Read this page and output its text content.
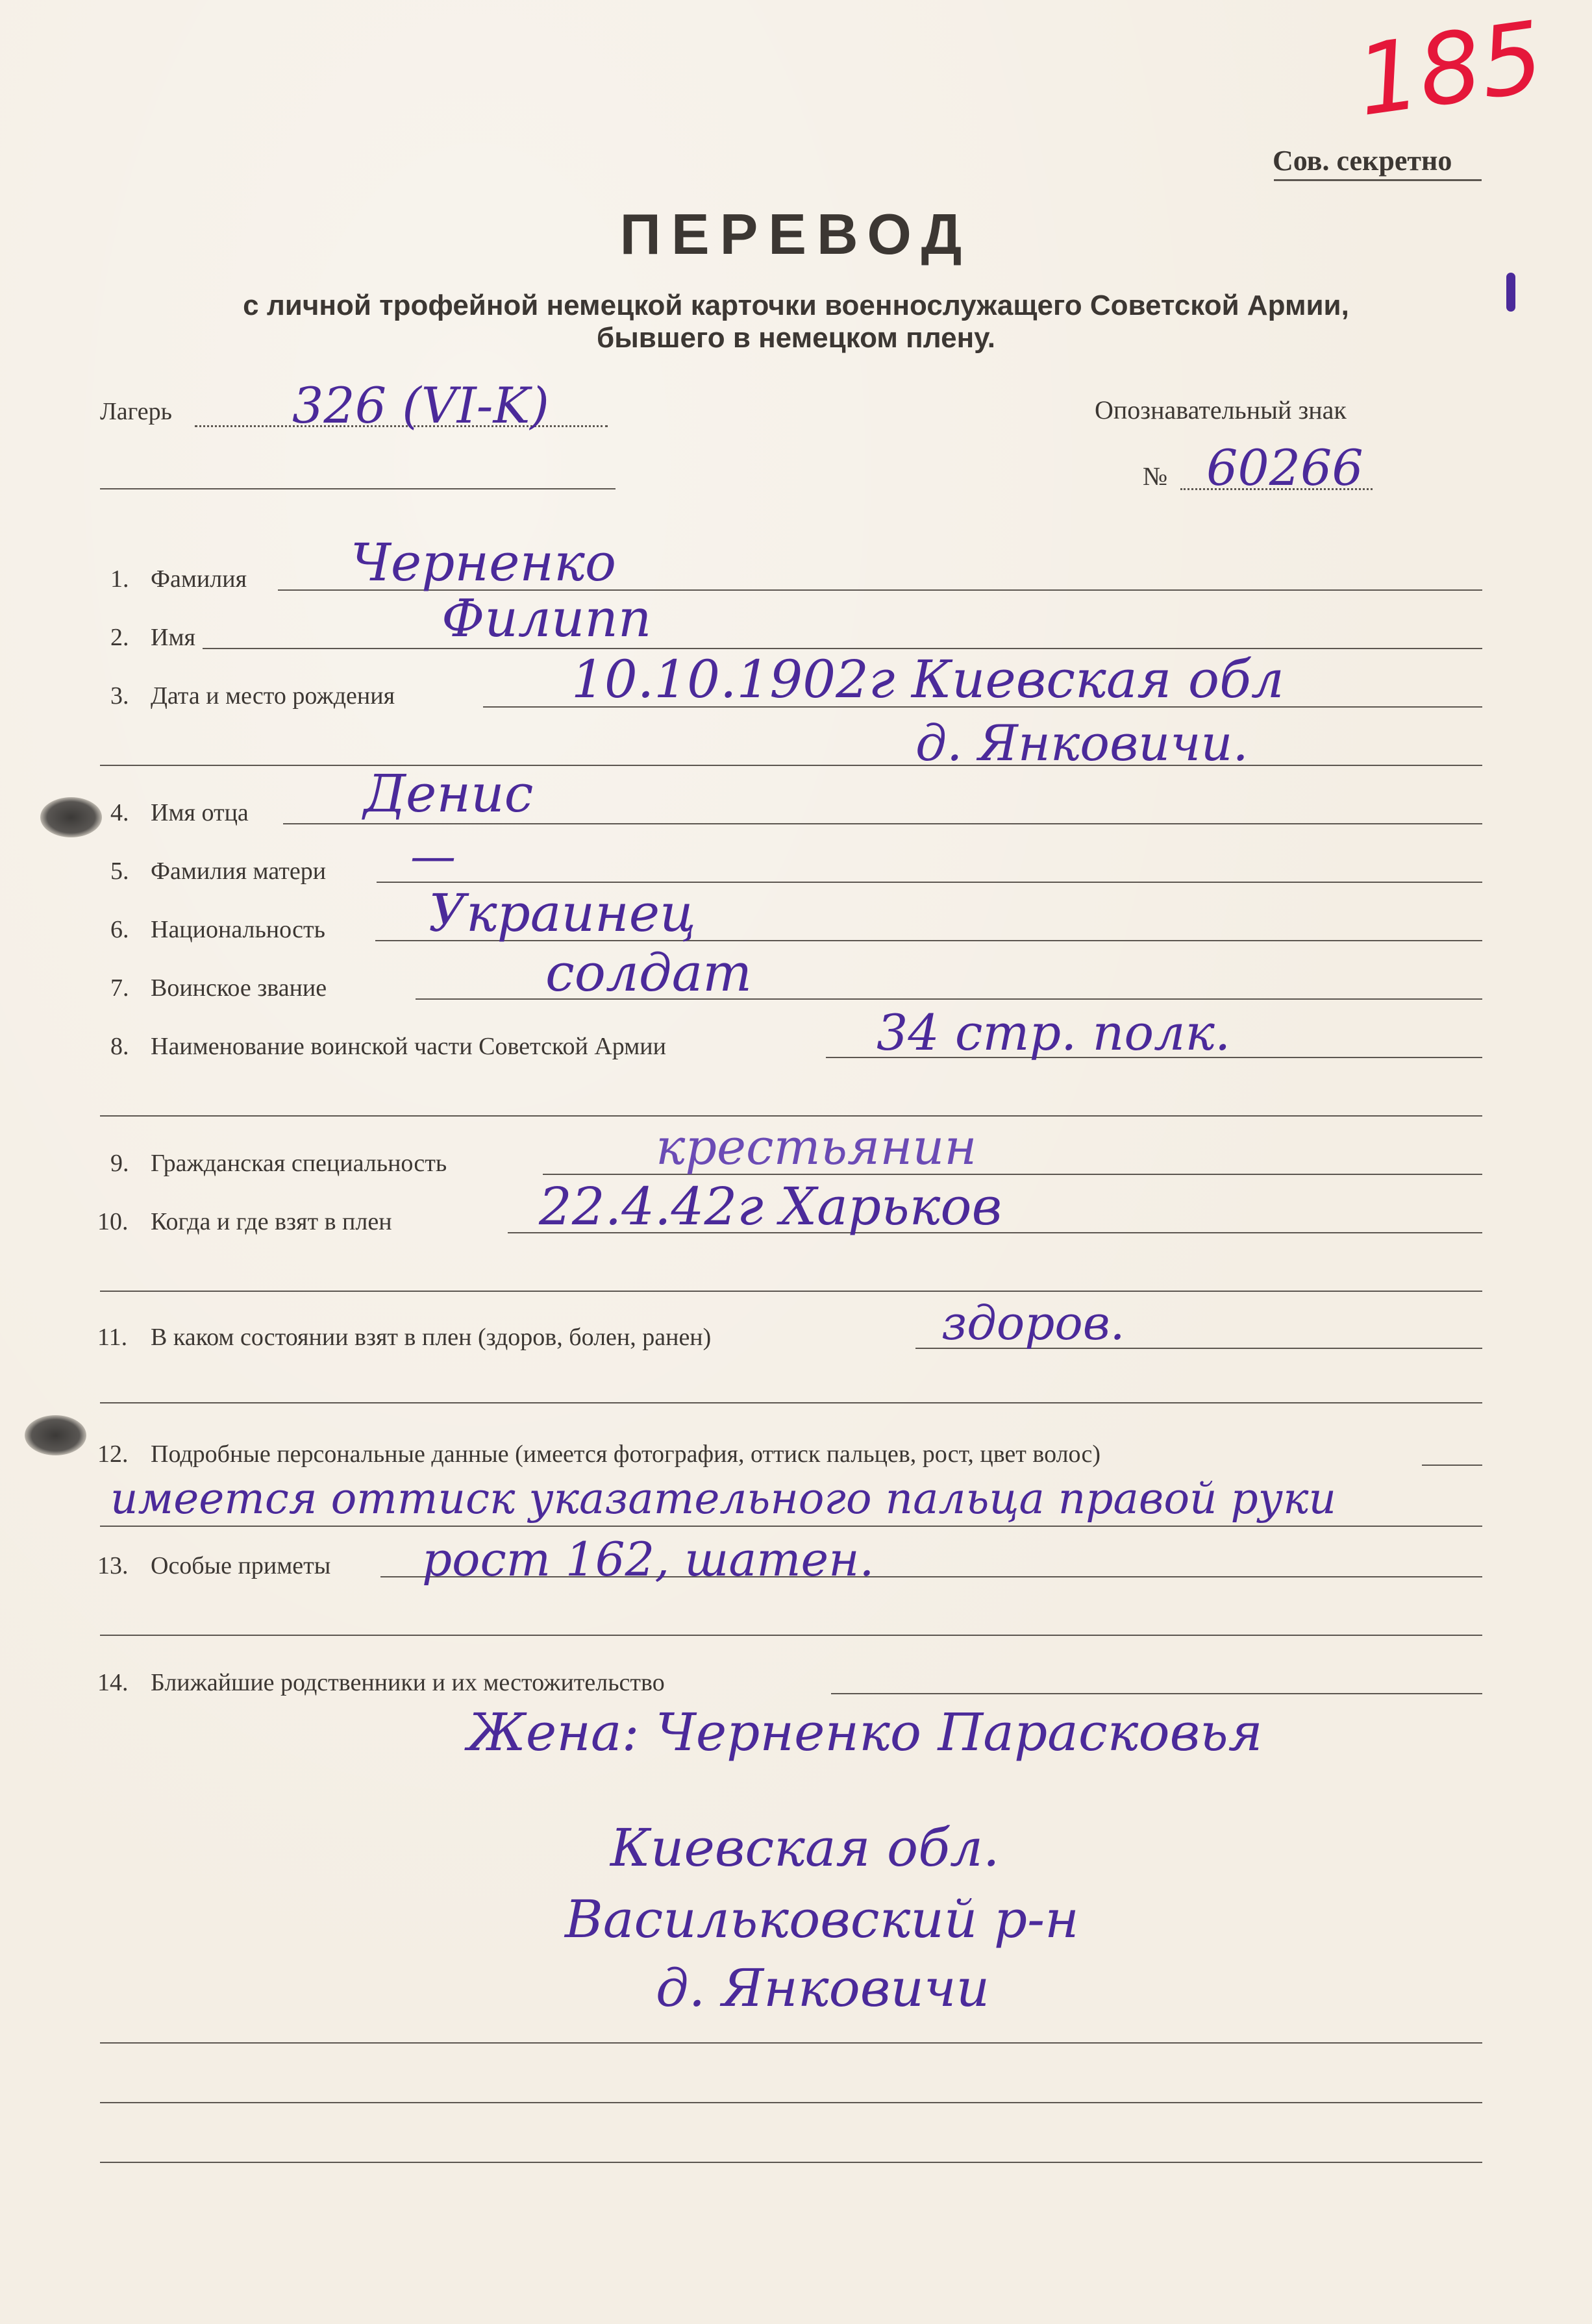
185
Сов. секретно
ПЕРЕВОД
с личной трофейной немецкой карточки военнослужащего Советской Армии,
бывшего в немецком плену.
Лагерь 326 (VI-K)	Опознавательный знак
№ 60266
1. Фамилия Черненко
2. Имя	Филипп
3. Дата и место рождения	10.10.1902г Киевская обл
д. Янковичи.
4. Имя отца Денис
5. Фамилия матери —
6. Национальность Украинец
7. Воинское звание	солдат
8. Наименование воинской части Советской Армии	34 стр. полк.
9. Гражданская специальность	крестьянин
10. Когда и где взят в плен	22.4.42г Харьков
11. В каком состоянии взят в плен (здоров, болен, ранен)	здоров.
12. Подробные персональные данные (имеется фотография, оттиск пальцев, рост, цвет волос)
имеется оттиск указательного пальца правой руки
13. Особые приметы рост 162, шатен.
14. Ближайшие родственники и их местожительство
Жена: Черненко Парасковья
Киевская обл.
Васильковский р-н
д. Янковичи
